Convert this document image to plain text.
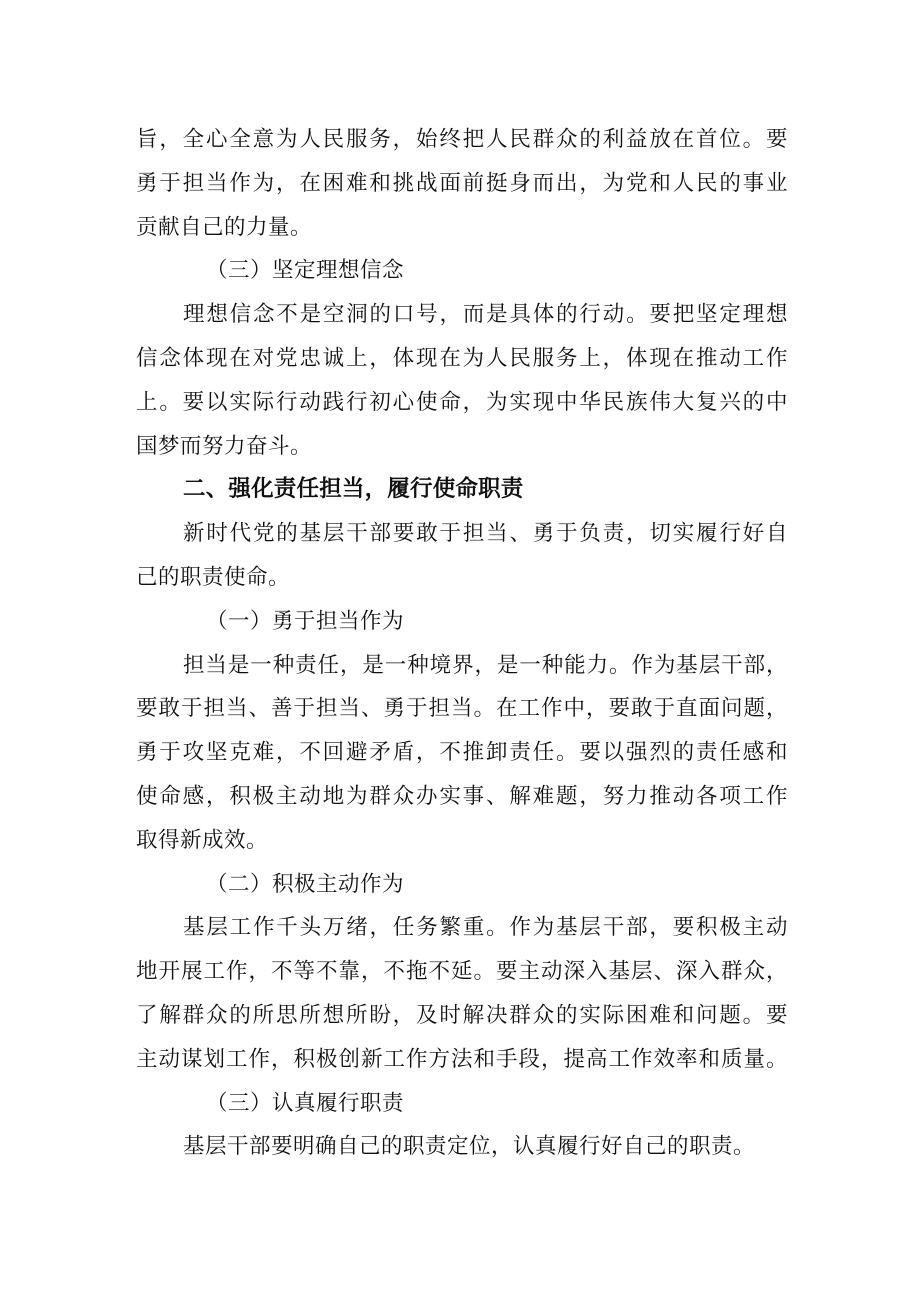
旨，全心全意为人民服务，始终把人民群众的利益放在首位。要
勇于担当作为，在困难和挑战面前挺身而出，为党和人民的事业
贡献自己的力量。
（三）坚定理想信念
理想信念不是空洞的口号，而是具体的行动。要把坚定理想
信念体现在对党忠诚上，体现在为人民服务上，体现在推动工作
上。要以实际行动践行初心使命，为实现中华民族伟大复兴的中
国梦而努力奋斗。
二、强化责任担当，履行使命职责
新时代党的基层干部要敢于担当、勇于负责，切实履行好自
己的职责使命。
（一）勇于担当作为
担当是一种责任，是一种境界，是一种能力。作为基层干部，
要敢于担当、善于担当、勇于担当。在工作中，要敢于直面问题，
勇于攻坚克难，不回避矛盾，不推卸责任。要以强烈的责任感和
使命感，积极主动地为群众办实事、解难题，努力推动各项工作
取得新成效。
（二）积极主动作为
基层工作千头万绪，任务繁重。作为基层干部，要积极主动
地开展工作，不等不靠，不拖不延。要主动深入基层、深入群众，
了解群众的所思所想所盼，及时解决群众的实际困难和问题。要
主动谋划工作，积极创新工作方法和手段，提高工作效率和质量。
（三）认真履行职责
基层干部要明确自己的职责定位，认真履行好自己的职责。
